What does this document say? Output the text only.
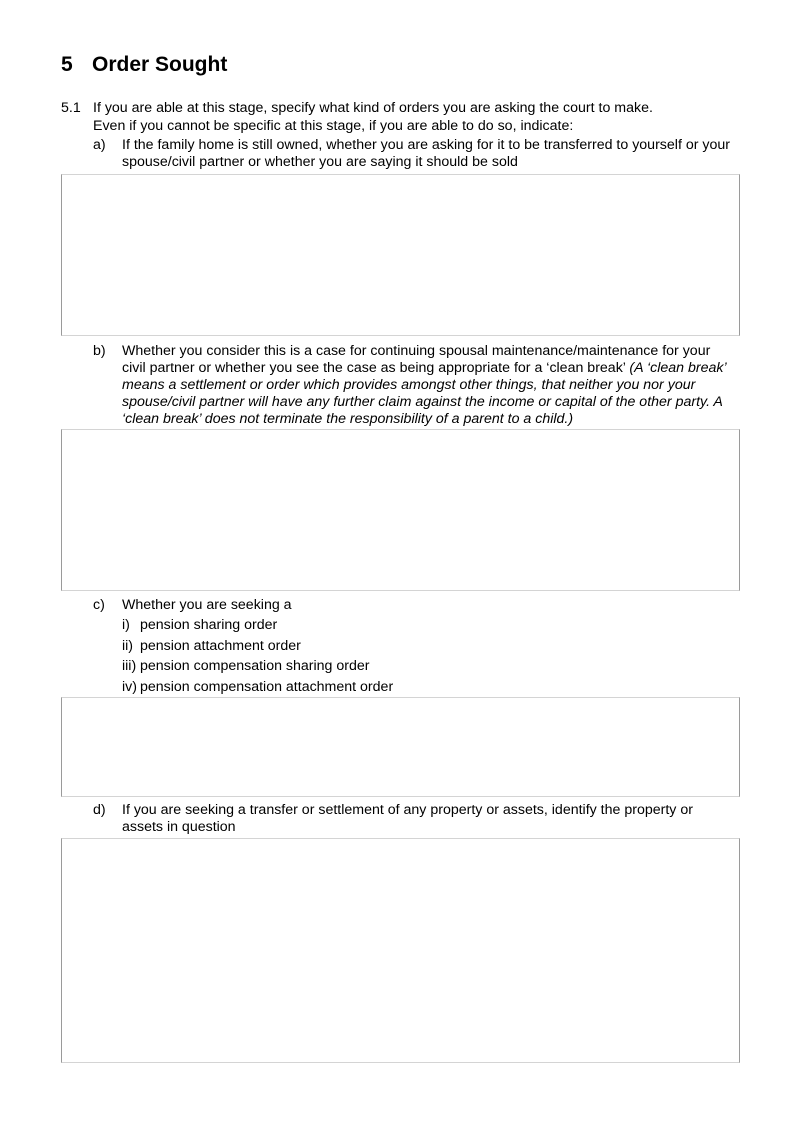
5 Order Sought
5.1 If you are able at this stage, specify what kind of orders you are asking the court to make.
Even if you cannot be specific at this stage, if you are able to do so, indicate:
a) If the family home is still owned, whether you are asking for it to be transferred to yourself or your spouse/civil partner or whether you are saying it should be sold
b) Whether you consider this is a case for continuing spousal maintenance/maintenance for your civil partner or whether you see the case as being appropriate for a ‘clean break’ (A ‘clean break’ means a settlement or order which provides amongst other things, that neither you nor your spouse/civil partner will have any further claim against the income or capital of the other party. A ‘clean break’ does not terminate the responsibility of a parent to a child.)
c) Whether you are seeking a
i) pension sharing order
ii) pension attachment order
iii) pension compensation sharing order
iv) pension compensation attachment order
d) If you are seeking a transfer or settlement of any property or assets, identify the property or assets in question
